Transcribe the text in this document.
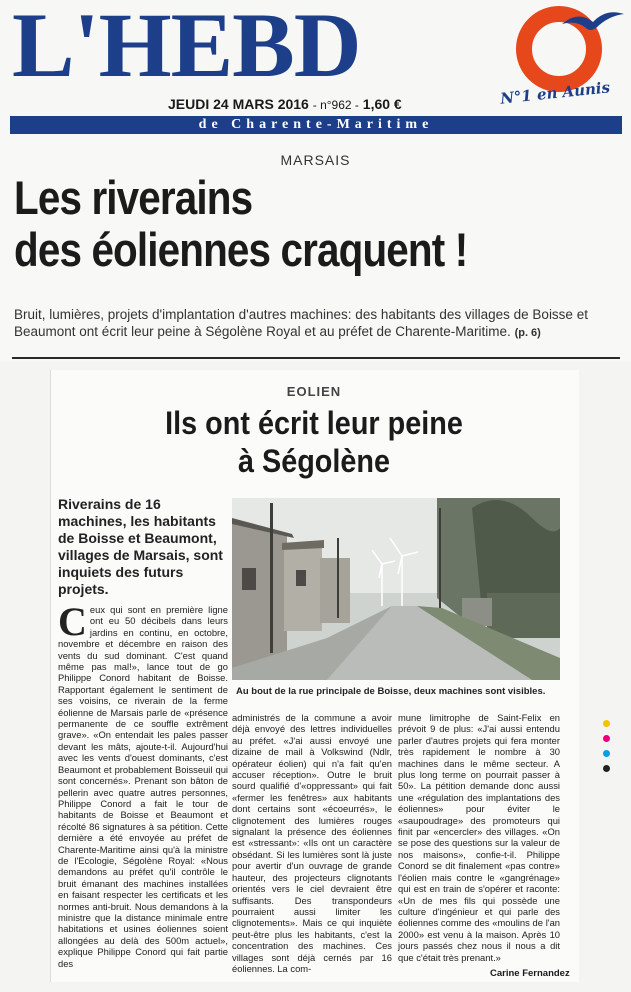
L'HEBD
JEUDI 24 MARS 2016 - n°962 - 1,60 €	N°1 en Aunis
de Charente-Maritime
MARSAIS
Les riverains
des éoliennes craquent !
Bruit, lumières, projets d'implantation d'autres machines: des habitants des villages de Boisse et Beaumont ont écrit leur peine à Ségolène Royal et au préfet de Charente-Maritime. (p. 6)
EOLIEN
Ils ont écrit leur peine
à Ségolène
Riverains de 16 machines, les habitants de Boisse et Beaumont, villages de Marsais, sont inquiets des futurs projets.
Au bout de la rue principale de Boisse, deux machines sont visibles.
C eux qui sont en première ligne ont eu 50 décibels dans leurs jardins en continu, en octobre, novembre et décembre en raison des vents du sud dominant. C'est quand même pas mal!», lance tout de go Philippe Conord habitant de Boisse. Rapportant également le sentiment de ses voisins, ce riverain de la ferme éolienne de Marsais parle de «présence permanente de ce souffle extrêment grave». «On entendait les pales passer devant les mâts, ajoute-t-il. Aujourd'hui avec les vents d'ouest dominants, c'est Beaumont et probablement Boisseuil qui sont concernés». Prenant son bâton de pellerin avec quatre autres personnes, Philippe Conord a fait le tour de habitants de Boisse et Beaumont et récolté 86 signatures à sa pétition. Cette dernière a été envoyée au préfet de Charente-Maritime ainsi qu'à la ministre de l'Ecologie, Ségolène Royal: «Nous demandons au préfet qu'il contrôle le bruit émanant des machines installées en faisant respecter les certificats et les normes anti-bruit. Nous demandons à la ministre que la distance minimale entre habitations et usines éoliennes soient allongées au delà des 500m actuel», explique Philippe Conord qui fait partie des
administrés de la commune a avoir déjà envoyé des lettres individuelles au préfet. «J'ai aussi envoyé une dizaine de mail à Volkswind (Ndlr, opérateur éolien) qui n'a fait qu'en accuser réception». Outre le bruit sourd qualifié d'«oppressant» qui fait «fermer les fenêtres» aux habitants dont certains sont «écoeurrés», le clignotement des lumières rouges signalant la présence des éoliennes est «stressant»: «Ils ont un caractère obsédant. Si les lumières sont là juste pour avertir d'un ouvrage de grande hauteur, des projecteurs clignotants orientés vers le ciel devraient être suffisants. Des transpondeurs pourraient aussi limiter les clignotements». Mais ce qui inquiète peut-être plus les habitants, c'est la concentration des machines. Ces villages sont déjà cernés par 16 éoliennes. La com-
mune limitrophe de Saint-Felix en prévoit 9 de plus: «J'ai aussi entendu parler d'autres projets qui fera monter très rapidement le nombre à 30 machines dans le même secteur. A plus long terme on pourrait passer à 50». La pétition demande donc aussi une «régulation des implantations des éoliennes» pour éviter le «saupoudrage» des promoteurs qui finit par «encercler» des villages. «On se pose des questions sur la valeur de nos maisons», confie-t-il. Philippe Conord se dit finalement «pas contre» l'éolien mais contre le «gangrénage» qui est en train de s'opérer et raconte: «Un de mes fils qui possède une culture d'ingénieur et qui parle des éoliennes comme des «moulins de l'an 2000» est venu à la maison. Après 10 jours passés chez nous il nous a dit que c'était très prenant.»
Carine Fernandez
